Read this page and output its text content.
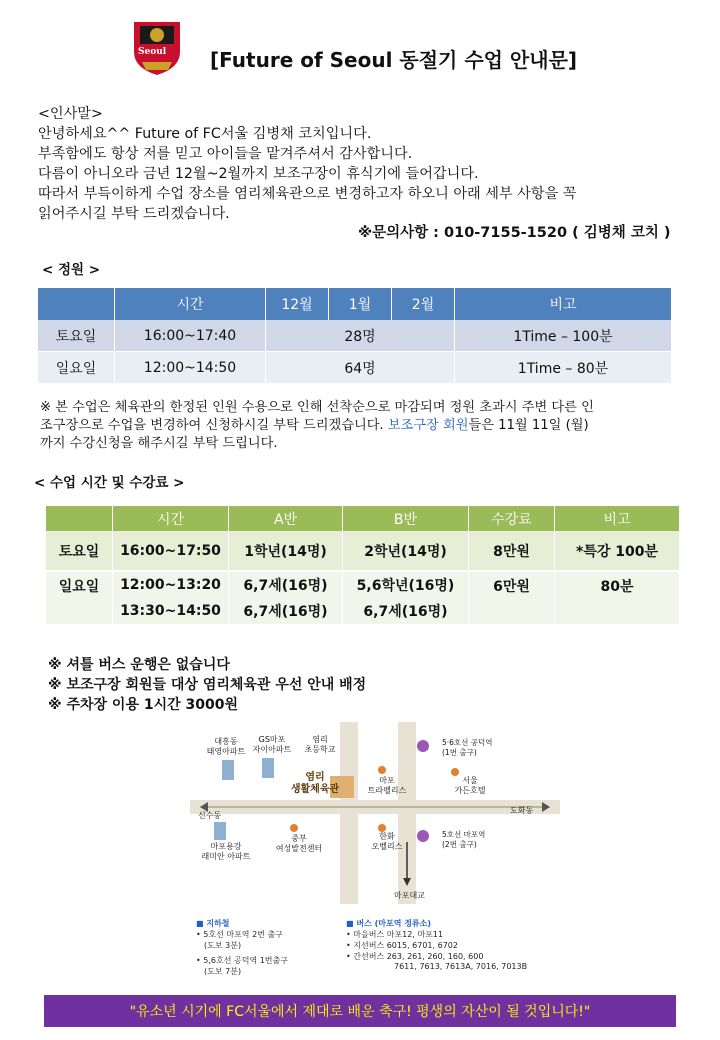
Seoul [Future of Seoul 동절기 수업 안내문]
<인사말>
안녕하세요^^ Future of FC서울 김병채 코치입니다.
부족함에도 항상 저를 믿고 아이들을 맡겨주셔서 감사합니다.
다름이 아니오라 금년 12월~2월까지 보조구장이 휴식기에 들어갑니다.
따라서 부득이하게 수업 장소를 염리체육관으로 변경하고자 하오니 아래 세부 사항을 꼭
읽어주시길 부탁 드리겠습니다.
※문의사항 : 010-7155-1520 ( 김병채 코치 )
< 정원 >
	시간	12월	1월	2월	비고
토요일	16:00~17:40	28명			1Time – 100분
일요일	12:00~14:50	64명			1Time – 80분
※ 본 수업은 체육관의 한정된 인원 수용으로 인해 선착순으로 마감되며 정원 초과시 주변 다른 인
조구장으로 수업을 변경하여 신청하시길 부탁 드리겠습니다. 보조구장 회원들은 11월 11일 (월)
까지 수강신청을 해주시길 부탁 드립니다.
< 수업 시간 및 수강료 >
	시간	A반	B반	수강료	비고
토요일	16:00~17:50	1학년(14명)	2학년(14명)	8만원	*특강 100분
일요일	12:00~13:20	6,7세(16명)	5,6학년(16명)	6만원	80분
	13:30~14:50	6,7세(16명)	6,7세(16명)		
※ 셔틀 버스 운행은 없습니다
※ 보조구장 회원들 대상 염리체육관 우선 안내 배정
※ 주차장 이용 1시간 3000원
대흥동
태영아파트
GS마포
자이아파트
염리
초등학교
염리
생활체육관
마포
트라펠리스
신수동
마포용강
래미안 아파트
중부
여성발전센터
한화
오벨리스
5·6호선 공덕역
(1번 출구)
서울
가든호텔
도화동
5호선 마포역
(2번 출구)
마포대교
■ 지하철
• 5호선 마포역 2번 출구
(도보 3분)
• 5,6호선 공덕역 1번출구
(도보 7분)
■ 버스 (마포역 정류소)
• 마을버스 마포12, 마포11
• 지선버스 6015, 6701, 6702
• 간선버스 263, 261, 260, 160, 600
7611, 7613, 7613A, 7016, 7013B
"유소년 시기에 FC서울에서 제대로 배운 축구! 평생의 자산이 될 것입니다!"
